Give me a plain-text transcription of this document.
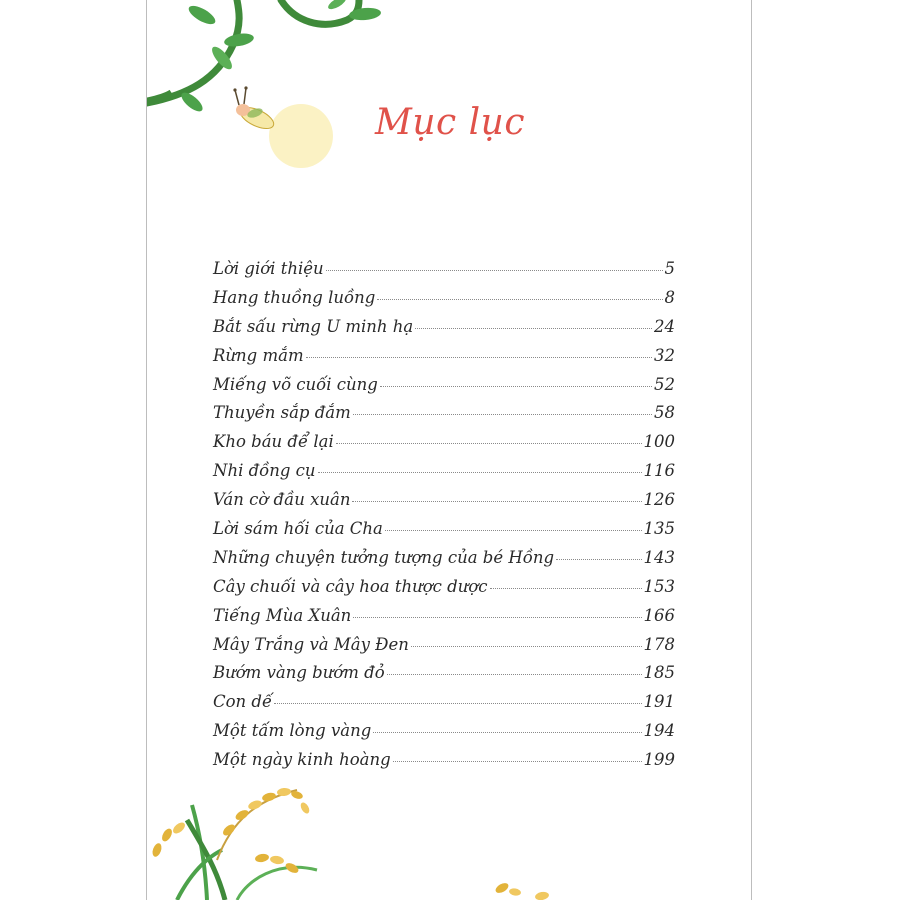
Mục lục
Lời giới thiệu	5
Hang thuồng luồng	8
Bắt sấu rừng U minh hạ	24
Rừng mắm	32
Miếng võ cuối cùng	52
Thuyền sắp đắm	58
Kho báu để lại	100
Nhi đồng cụ	116
Ván cờ đầu xuân	126
Lời sám hối của Cha	135
Những chuyện tưởng tượng của bé Hồng	143
Cây chuối và cây hoa thược dược	153
Tiếng Mùa Xuân	166
Mây Trắng và Mây Đen	178
Bướm vàng bướm đỏ	185
Con dế	191
Một tấm lòng vàng	194
Một ngày kinh hoàng	199
